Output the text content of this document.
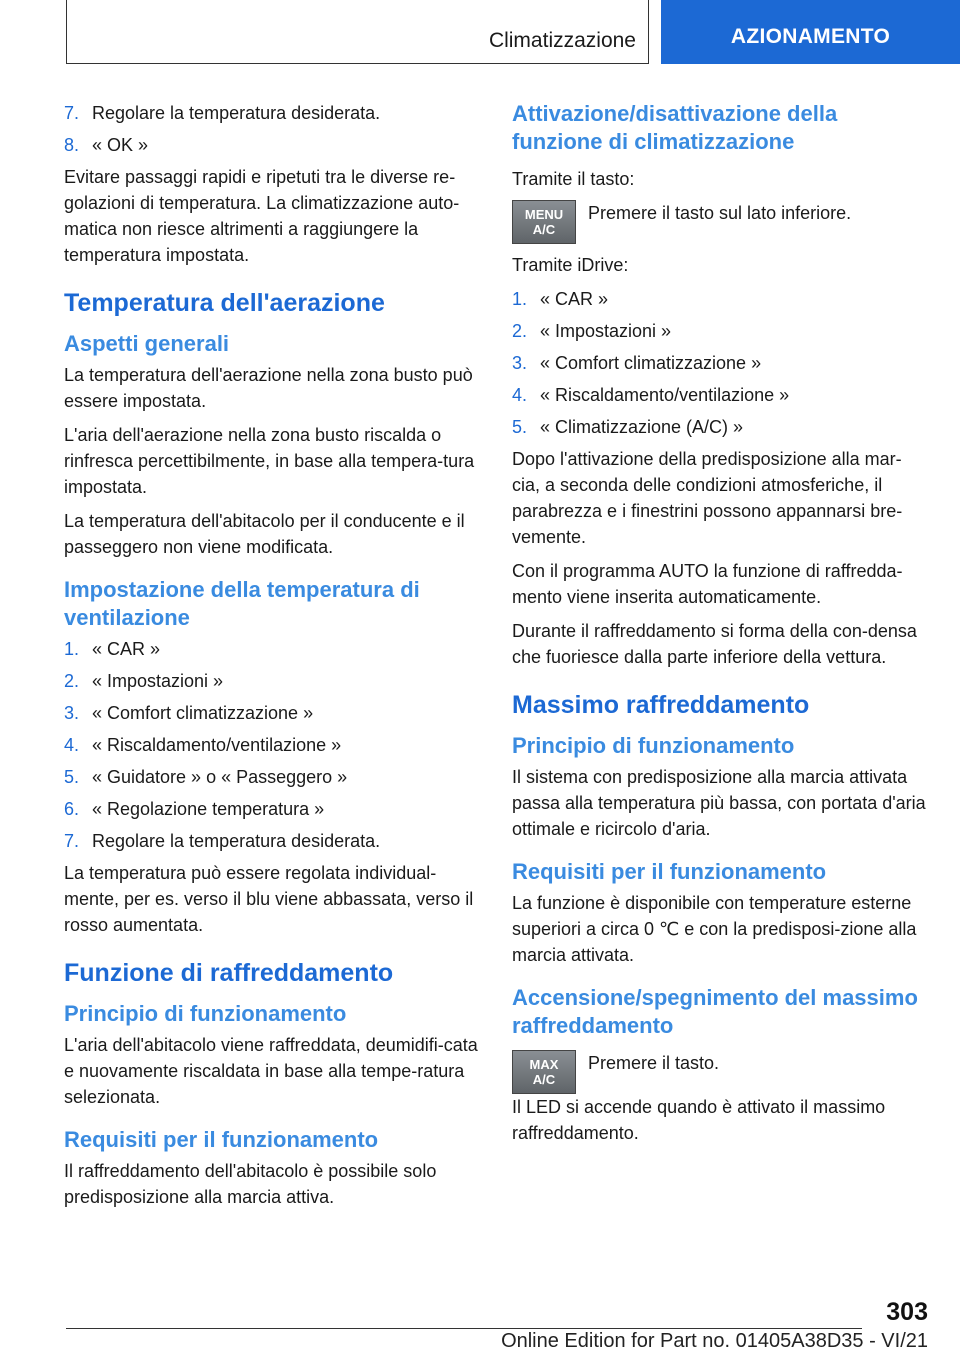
Climatizzazione	AZIONAMENTO
7. Regolare la temperatura desiderata.
8. « OK »

Evitare passaggi rapidi e ripetuti tra le diverse re-golazioni di temperatura. La climatizzazione auto-matica non riesce altrimenti a raggiungere la temperatura impostata.

Temperatura dell'aerazione
Aspetti generali

La temperatura dell'aerazione nella zona busto può essere impostata.

L'aria dell'aerazione nella zona busto riscalda o rinfresca percettibilmente, in base alla tempera-tura impostata.

La temperatura dell'abitacolo per il conducente e il passeggero non viene modificata.

Impostazione della temperatura di ventilazione
1. « CAR »
2. « Impostazioni »
3. « Comfort climatizzazione »
4. « Riscaldamento/ventilazione »
5. « Guidatore » o « Passeggero »
6. « Regolazione temperatura »
7. Regolare la temperatura desiderata.

La temperatura può essere regolata individual-mente, per es. verso il blu viene abbassata, verso il rosso aumentata.

Funzione di raffreddamento
Principio di funzionamento

L'aria dell'abitacolo viene raffreddata, deumidifi-cata e nuovamente riscaldata in base alla tempe-ratura selezionata.

Requisiti per il funzionamento

Il raffreddamento dell'abitacolo è possibile solo predisposizione alla marcia attiva.

Attivazione/disattivazione della funzione di climatizzazione

Tramite il tasto:

MENU
A/C

Premere il tasto sul lato inferiore.

Tramite iDrive:

1. « CAR »
2. « Impostazioni »
3. « Comfort climatizzazione »
4. « Riscaldamento/ventilazione »
5. « Climatizzazione (A/C) »

Dopo l'attivazione della predisposizione alla mar-cia, a seconda delle condizioni atmosferiche, il parabrezza e i finestrini possono appannarsi bre-vemente.

Con il programma AUTO la funzione di raffredda-mento viene inserita automaticamente.

Durante il raffreddamento si forma della con-densa che fuoriesce dalla parte inferiore della vettura.

Massimo raffreddamento
Principio di funzionamento

Il sistema con predisposizione alla marcia attivata passa alla temperatura più bassa, con portata d'aria ottimale e ricircolo d'aria.

Requisiti per il funzionamento

La funzione è disponibile con temperature esterne superiori a circa 0 ℃ e con la predisposi-zione alla marcia attivata.

Accensione/spegnimento del massimo raffreddamento
MAX
A/C

Premere il tasto.

Il LED si accende quando è attivato il massimo raffreddamento.

303
Online Edition for Part no. 01405A38D35 - VI/21
